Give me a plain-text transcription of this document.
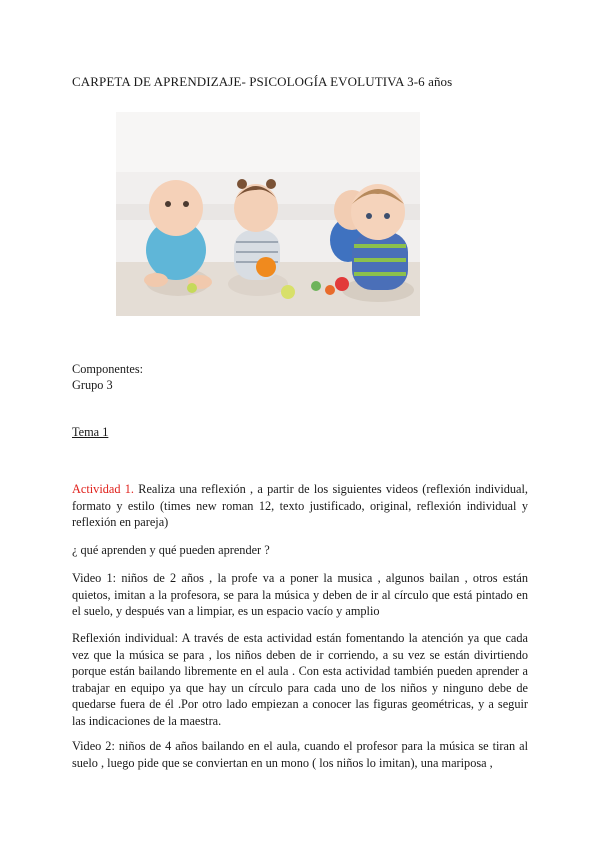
CARPETA DE APRENDIZAJE- PSICOLOGÍA EVOLUTIVA 3-6 años
Componentes:
Grupo 3
Tema 1
Actividad 1. Realiza una reflexión , a partir de los siguientes videos (reflexión individual, formato y estilo (times new roman 12, texto justificado, original, reflexión individual y reflexión en pareja)
¿ qué aprenden y qué pueden aprender ?
Video 1: niños de 2 años , la profe va a poner la musica , algunos bailan , otros están quietos, imitan a la profesora, se para la música y deben de ir al círculo que está pintado en el suelo, y después van a limpiar, es un espacio vacío y amplio
Reflexión individual: A través de esta actividad están fomentando la atención ya que cada vez que la música se para , los niños deben de ir corriendo, a su vez se están divirtiendo porque están bailando libremente en el aula . Con esta actividad también pueden aprender a trabajar en equipo ya que hay un círculo para cada uno de los niños y ninguno debe de quedarse fuera de él .Por otro lado empiezan a conocer las figuras geométricas, y a seguir las indicaciones de la maestra.
Video 2: niños de 4 años bailando en el aula, cuando el profesor para la música se tiran al suelo , luego pide que se conviertan en un mono ( los niños lo imitan), una mariposa ,
